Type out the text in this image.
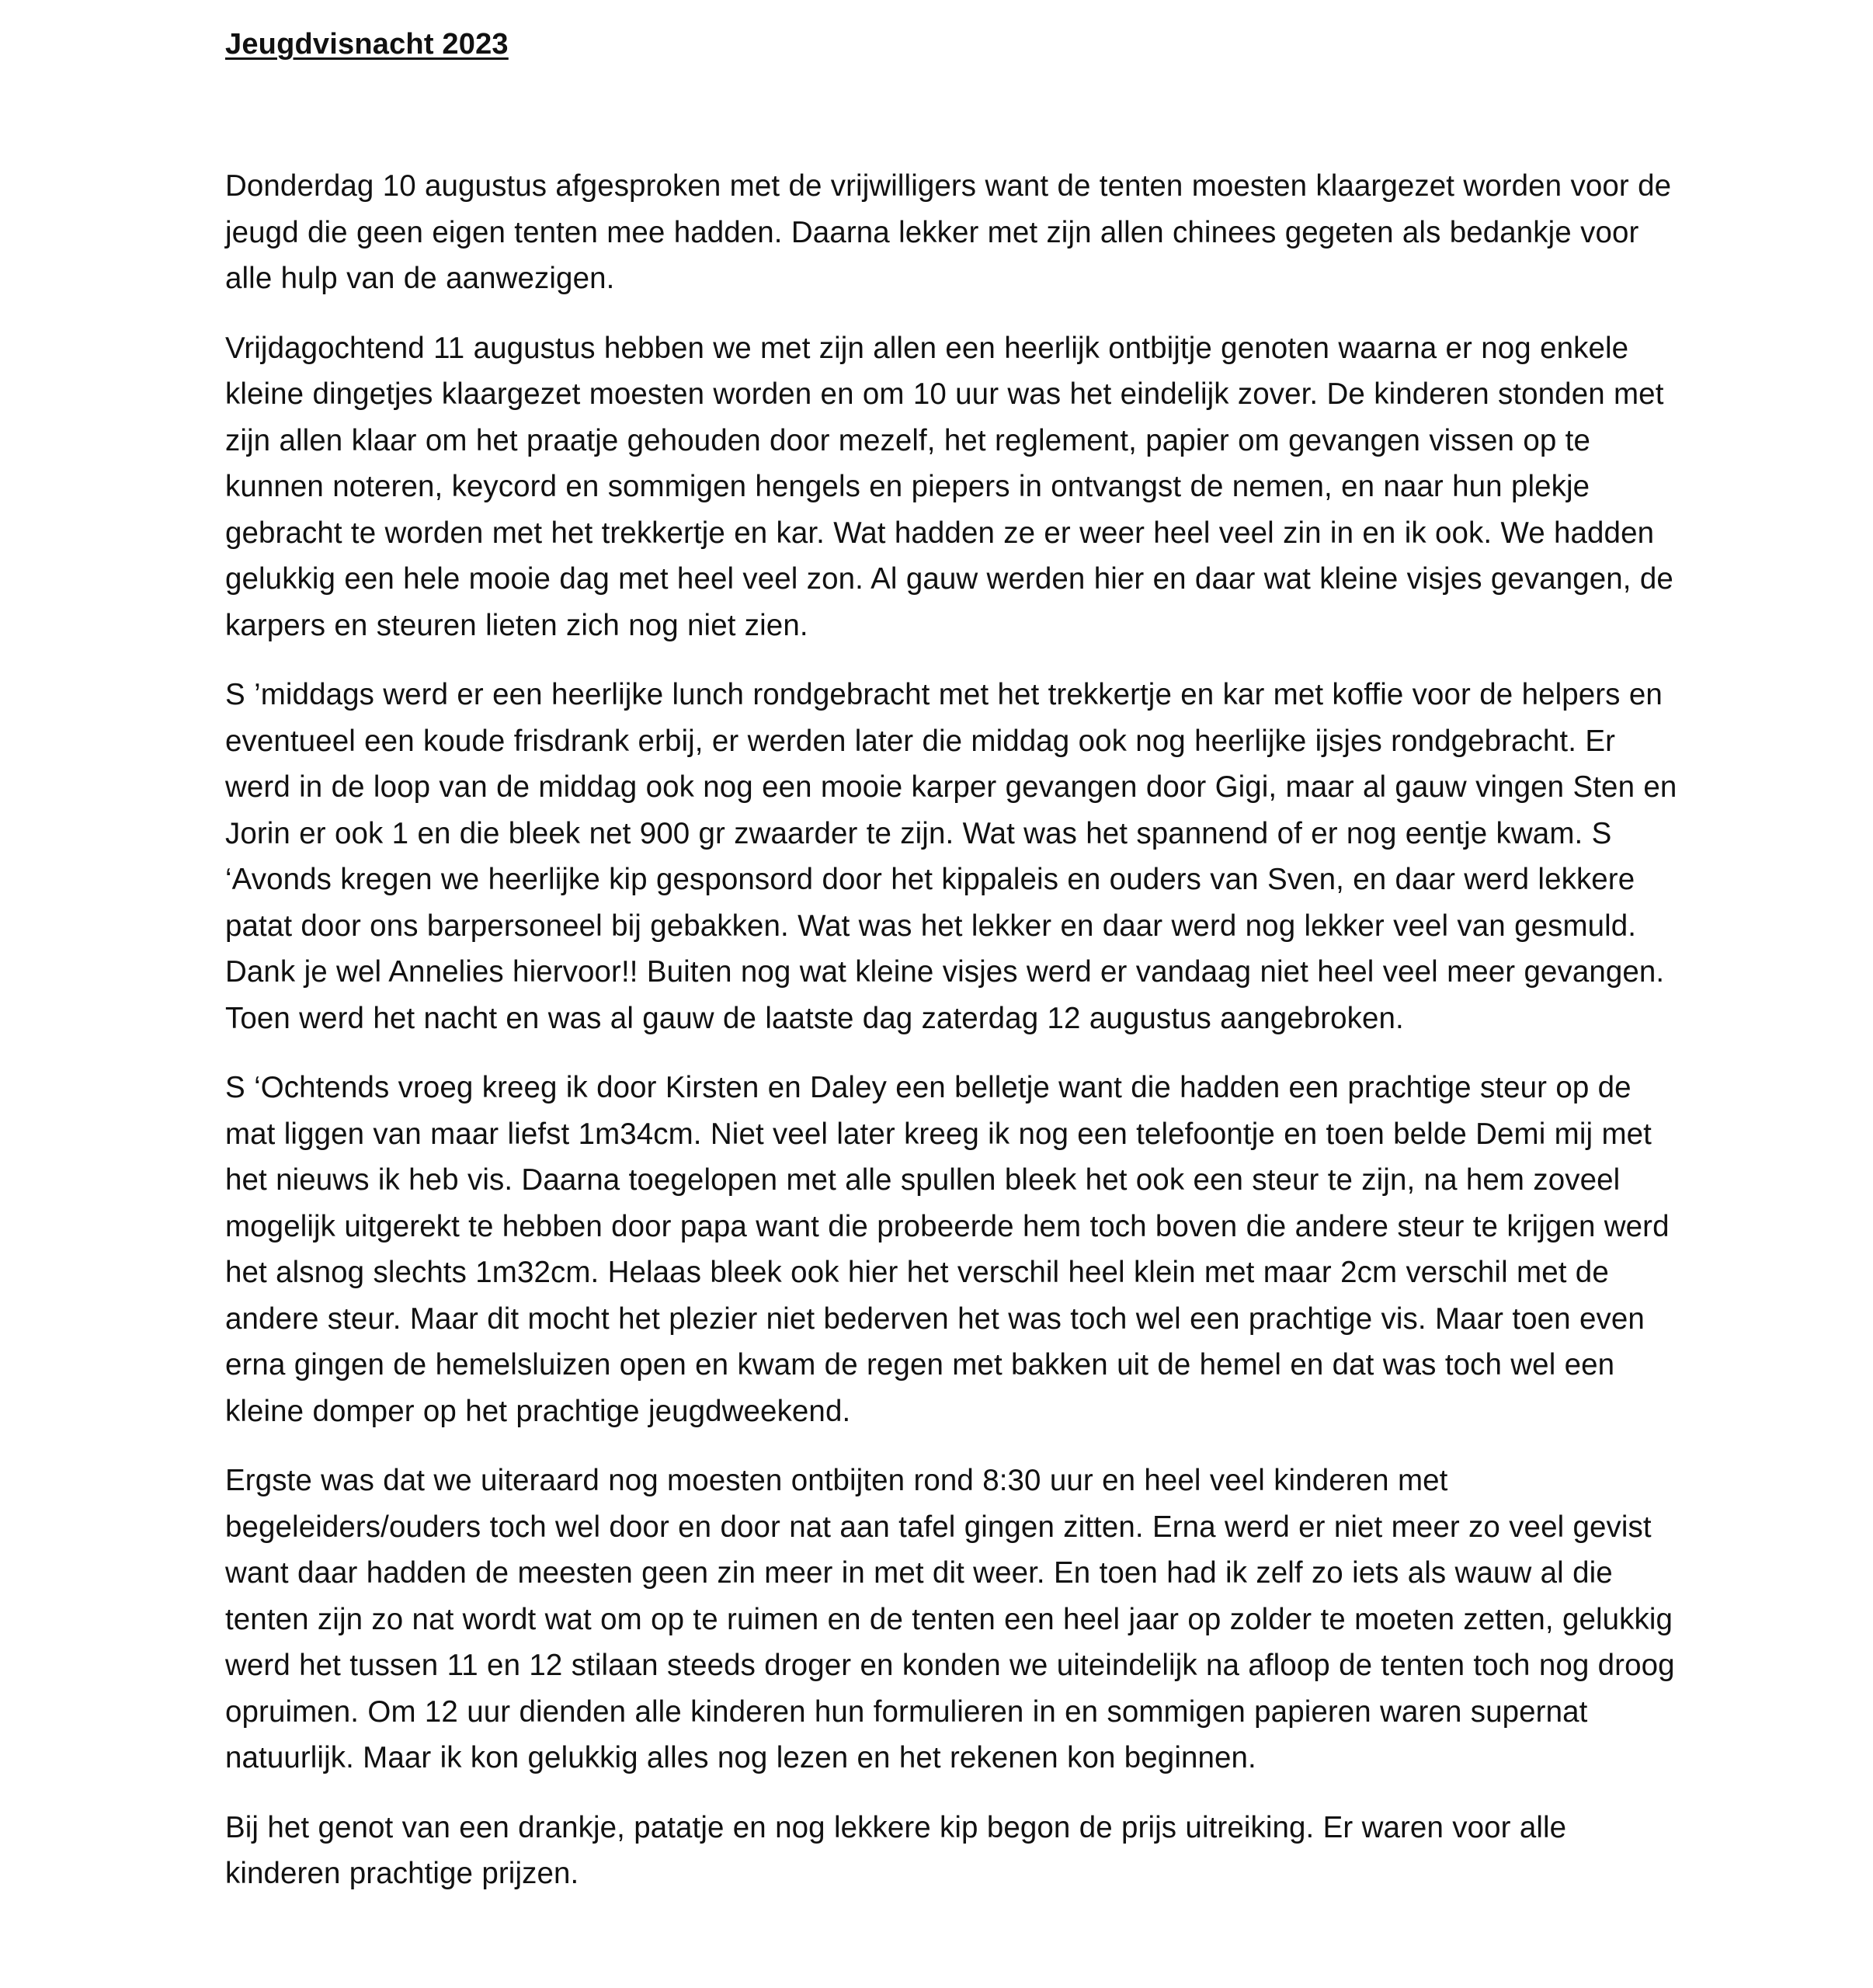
Jeugdvisnacht 2023

Donderdag 10 augustus afgesproken met de vrijwilligers want de tenten moesten klaargezet worden voor de jeugd die geen eigen tenten mee hadden. Daarna lekker met zijn allen chinees gegeten als bedankje voor alle hulp van de aanwezigen.

Vrijdagochtend 11 augustus hebben we met zijn allen een heerlijk ontbijtje genoten waarna er nog enkele kleine dingetjes klaargezet moesten worden en om 10 uur was het eindelijk zover. De kinderen stonden met zijn allen klaar om het praatje gehouden door mezelf, het reglement, papier om gevangen vissen op te kunnen noteren, keycord en sommigen hengels en piepers in ontvangst de nemen, en naar hun plekje gebracht te worden met het trekkertje en kar. Wat hadden ze er weer heel veel zin in en ik ook. We hadden gelukkig een hele mooie dag met heel veel zon. Al gauw werden hier en daar wat kleine visjes gevangen, de karpers en steuren lieten zich nog niet zien.

S ’middags werd er een heerlijke lunch rondgebracht met het trekkertje en kar met koffie voor de helpers en eventueel een koude frisdrank erbij, er werden later die middag ook nog heerlijke ijsjes rondgebracht. Er werd in de loop van de middag ook nog een mooie karper gevangen door Gigi, maar al gauw vingen Sten en Jorin er ook 1 en die bleek net 900 gr zwaarder te zijn. Wat was het spannend of er nog eentje kwam. S ‘Avonds kregen we heerlijke kip gesponsord door het kippaleis en ouders van Sven, en daar werd lekkere patat door ons barpersoneel bij gebakken. Wat was het lekker en daar werd nog lekker veel van gesmuld. Dank je wel Annelies hiervoor!! Buiten nog wat kleine visjes werd er vandaag niet heel veel meer gevangen. Toen werd het nacht en was al gauw de laatste dag zaterdag 12 augustus aangebroken.

S ‘Ochtends vroeg kreeg ik door Kirsten en Daley een belletje want die hadden een prachtige steur op de mat liggen van maar liefst 1m34cm. Niet veel later kreeg ik nog een telefoontje en toen belde Demi mij met het nieuws ik heb vis. Daarna toegelopen met alle spullen bleek het ook een steur te zijn, na hem zoveel mogelijk uitgerekt te hebben door papa want die probeerde hem toch boven die andere steur te krijgen werd het alsnog slechts 1m32cm. Helaas bleek ook hier het verschil heel klein met maar 2cm verschil met de andere steur. Maar dit mocht het plezier niet bederven het was toch wel een prachtige vis. Maar toen even erna gingen de hemelsluizen open en kwam de regen met bakken uit de hemel en dat was toch wel een kleine domper op het prachtige jeugdweekend.

Ergste was dat we uiteraard nog moesten ontbijten rond 8:30 uur en heel veel kinderen met begeleiders/ouders toch wel door en door nat aan tafel gingen zitten. Erna werd er niet meer zo veel gevist want daar hadden de meesten geen zin meer in met dit weer. En toen had ik zelf zo iets als wauw al die tenten zijn zo nat wordt wat om op te ruimen en de tenten een heel jaar op zolder te moeten zetten, gelukkig werd het tussen 11 en 12 stilaan steeds droger en konden we uiteindelijk na afloop de tenten toch nog droog opruimen. Om 12 uur dienden alle kinderen hun formulieren in en sommigen papieren waren supernat natuurlijk. Maar ik kon gelukkig alles nog lezen en het rekenen kon beginnen.

Bij het genot van een drankje, patatje en nog lekkere kip begon de prijs uitreiking. Er waren voor alle kinderen prachtige prijzen.
